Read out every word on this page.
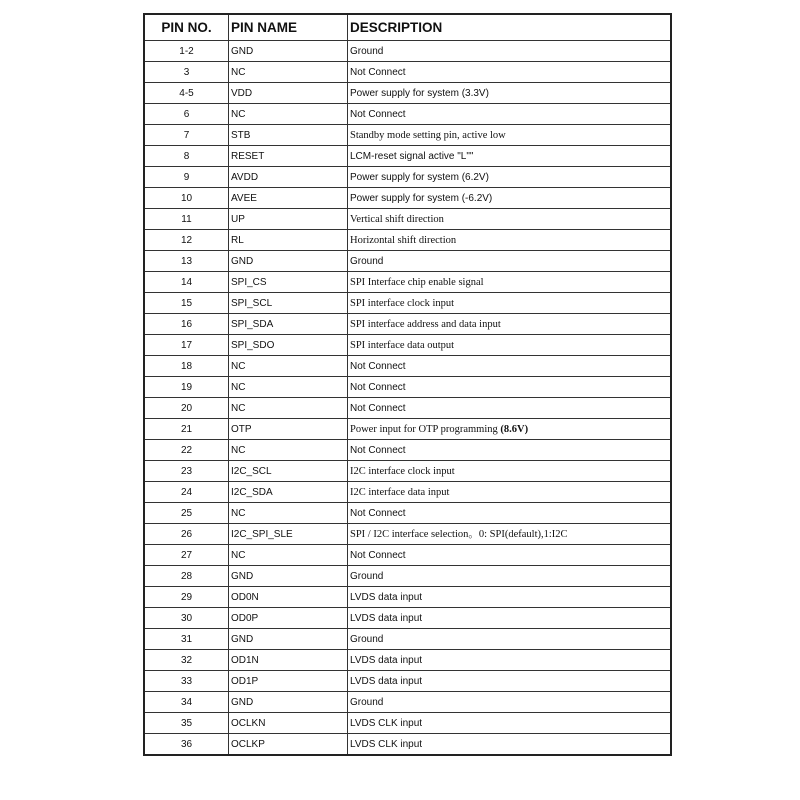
PIN NO.	PIN NAME	DESCRIPTION
1-2	GND	Ground
3	NC	Not Connect
4-5	VDD	Power supply for system (3.3V)
6	NC	Not Connect
7	STB	Standby mode setting pin, active low
8	RESET	LCM-reset signal active "L""
9	AVDD	Power supply for system (6.2V)
10	AVEE	Power supply for system (-6.2V)
11	UP	Vertical shift direction
12	RL	Horizontal shift direction
13	GND	Ground
14	SPI_CS	SPI Interface chip enable signal
15	SPI_SCL	SPI interface clock input
16	SPI_SDA	SPI interface address and data input
17	SPI_SDO	SPI interface data output
18	NC	Not Connect
19	NC	Not Connect
20	NC	Not Connect
21	OTP	Power input for OTP programming (8.6V)
22	NC	Not Connect
23	I2C_SCL	I2C interface clock input
24	I2C_SDA	I2C interface data input
25	NC	Not Connect
26	I2C_SPI_SLE	SPI / I2C interface selection。0: SPI(default),1:I2C
27	NC	Not Connect
28	GND	Ground
29	OD0N	LVDS data input
30	OD0P	LVDS data input
31	GND	Ground
32	OD1N	LVDS data input
33	OD1P	LVDS data input
34	GND	Ground
35	OCLKN	LVDS CLK input
36	OCLKP	LVDS CLK input
